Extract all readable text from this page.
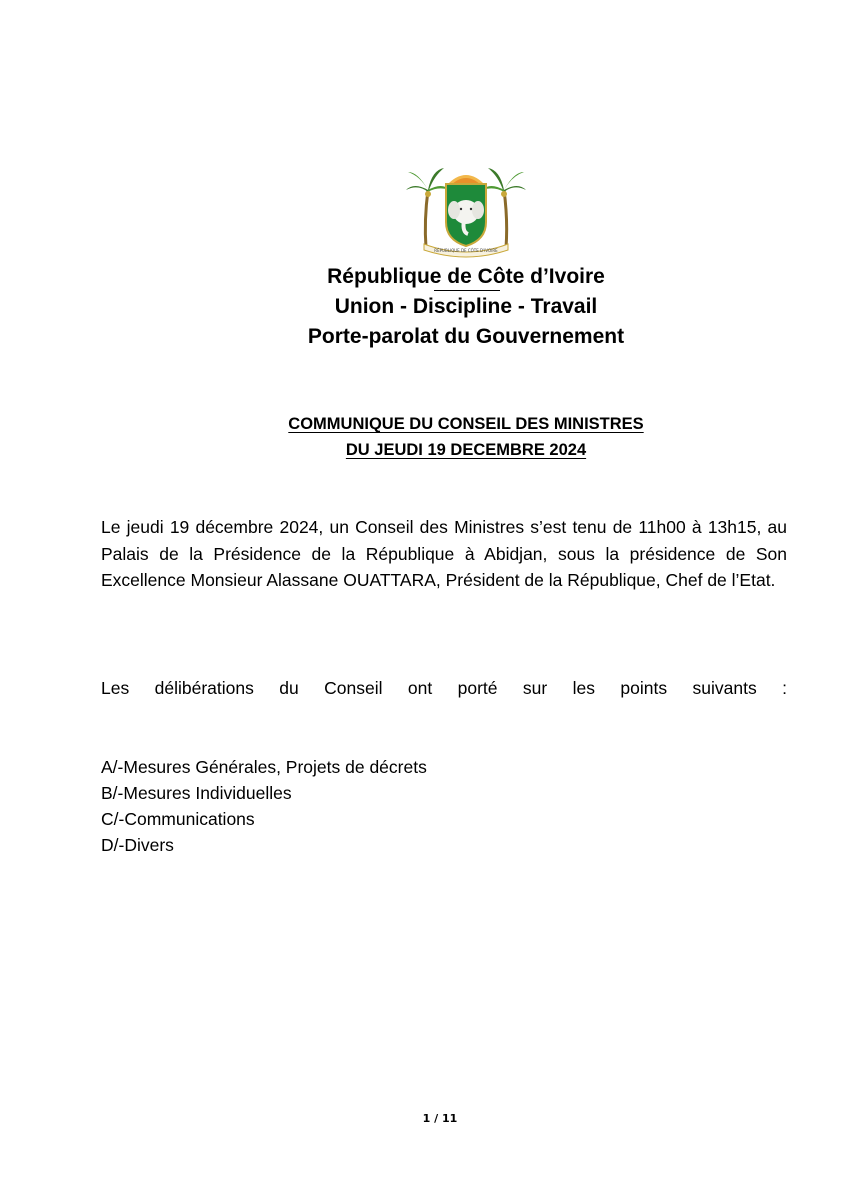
RÉPUBLIQUE DE CÔTE D'IVOIRE
République de Côte d’Ivoire
Union - Discipline - Travail
Porte-parolat du Gouvernement
COMMUNIQUE DU CONSEIL DES MINISTRES
DU JEUDI 19 DECEMBRE 2024
Le jeudi 19 décembre 2024, un Conseil des Ministres s’est tenu de 11h00 à 13h15, au Palais de la Présidence de la République à Abidjan, sous la présidence de Son Excellence Monsieur Alassane OUATTARA, Président de la République, Chef de l’Etat.
Les délibérations du Conseil ont porté sur les points suivants :
A/-Mesures Générales, Projets de décrets
B/-Mesures Individuelles
C/-Communications
D/-Divers
1 / 11
